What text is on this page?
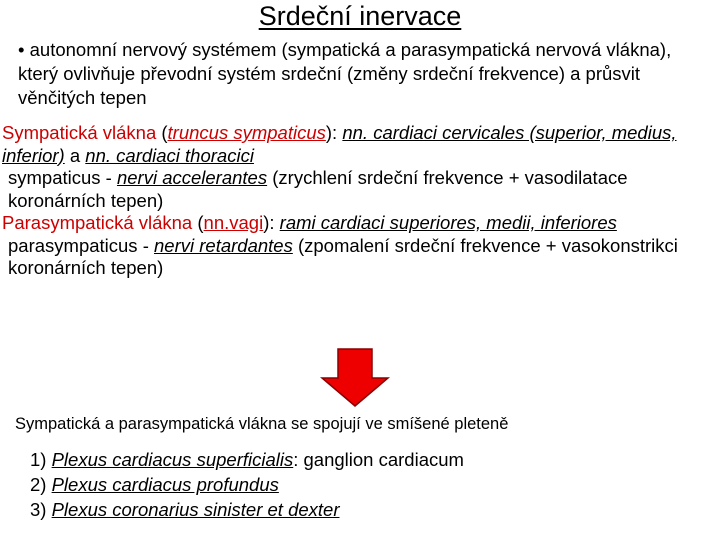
Srdeční inervace
• autonomní nervový systémem (sympatická a parasympatická nervová vlákna), který ovlivňuje převodní systém srdeční (změny srdeční frekvence) a průsvit věnčitých tepen
Sympatická vlákna (truncus sympaticus): nn. cardiaci cervicales (superior, medius, inferior) a nn. cardiaci thoracici
sympaticus - nervi accelerantes (zrychlení srdeční frekvence + vasodilatace koronárních tepen)
Parasympatická vlákna (nn.vagi): rami cardiaci superiores, medii, inferiores
parasympaticus - nervi retardantes (zpomalení srdeční frekvence + vasokonstrikci koronárních tepen)
Sympatická a parasympatická vlákna se spojují ve smíšené pleteně
1) Plexus cardiacus superficialis: ganglion cardiacum
2) Plexus cardiacus profundus
3) Plexus coronarius sinister et dexter
